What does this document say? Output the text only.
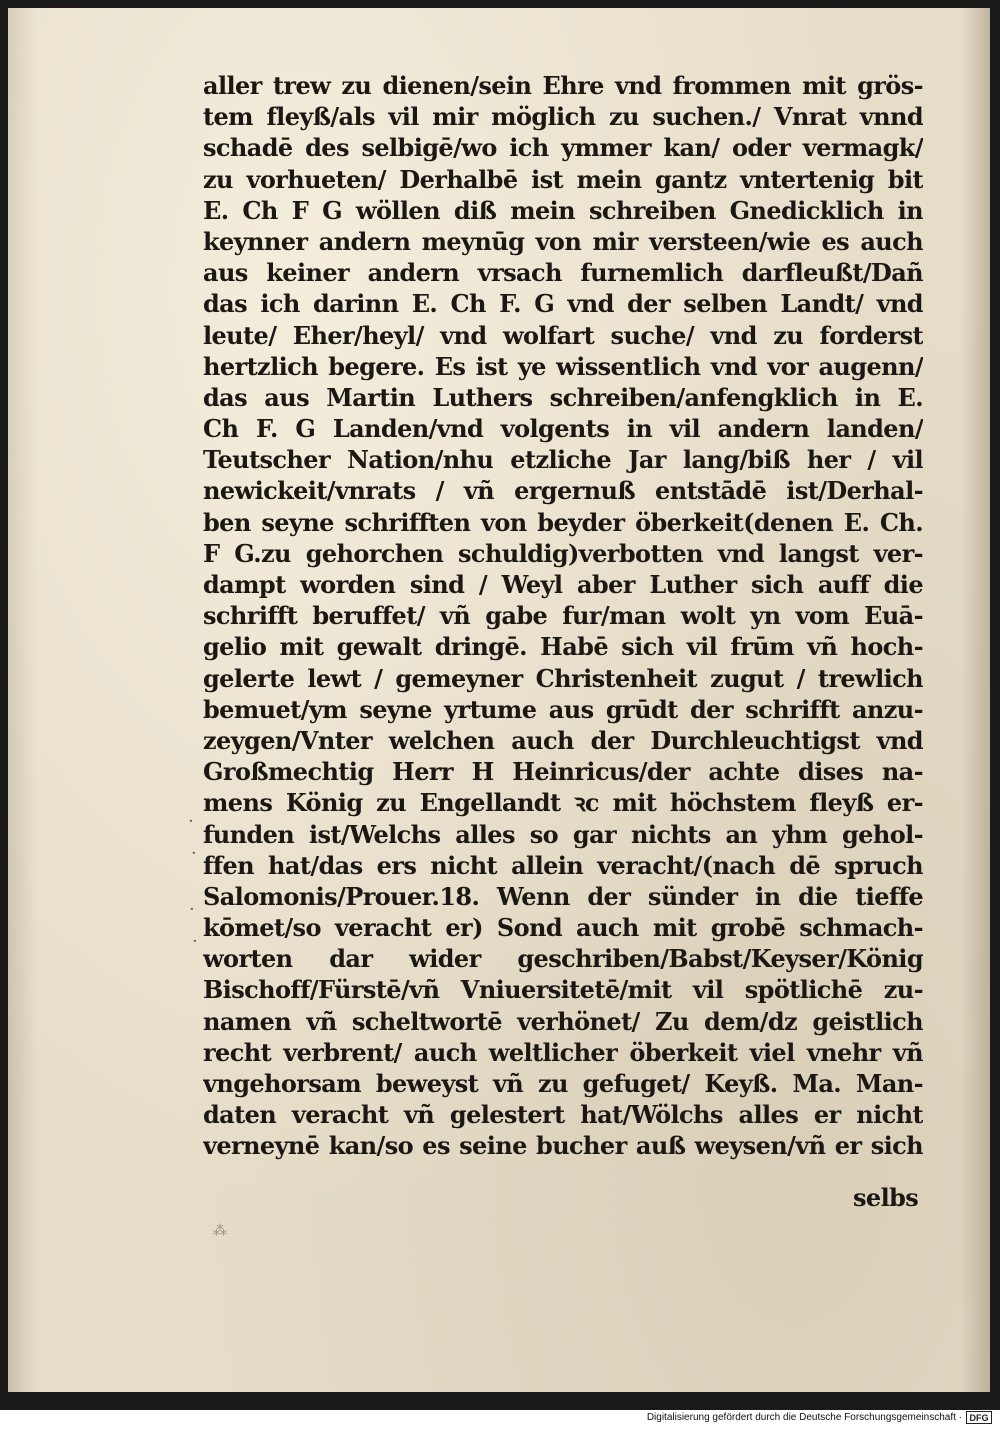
aller trew zu dienen/sein Ehre vnd frommen mit grös-
tem fleyß/als vil mir möglich zu suchen./ Vnrat vnnd
schadē des selbigē/wo ich ymmer kan/ oder vermagk/
zu vorhueten/ Derhalbē ist mein gantz vntertenig bit
E. Ch F G wöllen diß mein schreiben Gnedicklich in
keynner andern meynūg von mir versteen/wie es auch
aus keiner andern vrsach furnemlich darfleußt/Dañ
das ich darinn E. Ch F. G vnd der selben Landt/ vnd
leute/ Eher/heyl/ vnd wolfart suche/ vnd zu forderst
hertzlich begere. Es ist ye wissentlich vnd vor augenn/
das aus Martin Luthers schreiben/anfengklich in E.
Ch F. G Landen/vnd volgents in vil andern landen/
Teutscher Nation/nhu etzliche Jar lang/biß her / vil
newickeit/vnrats / vñ ergernuß entstādē ist/Derhal-
ben seyne schrifften von beyder öberkeit(denen E. Ch.
F G.zu gehorchen schuldig)verbotten vnd langst ver-
dampt worden sind / Weyl aber Luther sich auff die
schrifft beruffet/ vñ gabe fur/man wolt yn vom Euā-
gelio mit gewalt dringē. Habē sich vil frūm vñ hoch-
gelerte lewt / gemeyner Christenheit zugut / trewlich
bemuet/ym seyne yrtume aus grūdt der schrifft anzu-
zeygen/Vnter welchen auch der Durchleuchtigst vnd
Großmechtig Herr H Heinricus/der achte dises na-
mens König zu Engellandt ꝛc mit höchstem fleyß er-
funden ist/Welchs alles so gar nichts an yhm gehol-
ffen hat/das ers nicht allein veracht/(nach dē spruch
Salomonis/Prouer.18. Wenn der sünder in die tieffe
kōmet/so veracht er) Sond auch mit grobē schmach-
worten dar wider geschriben/Babst/Keyser/König
Bischoff/Fürstē/vñ Vniuersitetē/mit vil spötlichē zu-
namen vñ scheltwortē verhönet/ Zu dem/dz geistlich
recht verbrent/ auch weltlicher öberkeit viel vnehr vñ
vngehorsam beweyst vñ zu gefuget/ Keyß. Ma. Man-
daten veracht vñ gelestert hat/Wölchs alles er nicht
verneynē kan/so es seine bucher auß weysen/vñ er sich
selbs
·
·
·
·
⁂
Digitalisierung gefördert durch die Deutsche Forschungsgemeinschaft · DFG
